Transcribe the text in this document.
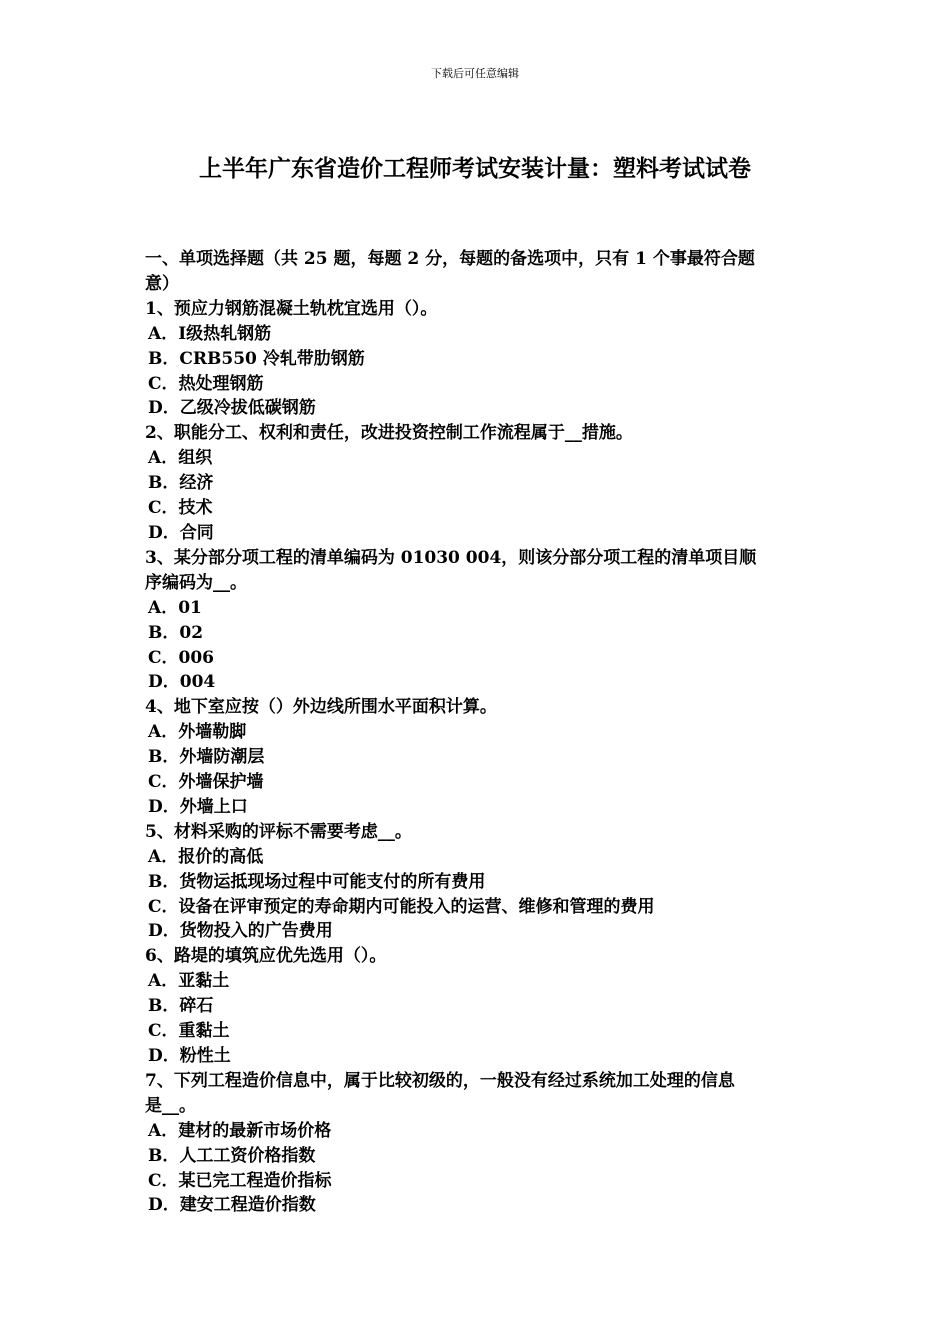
下载后可任意编辑
上半年广东省造价工程师考试安装计量：塑料考试试卷
一、单项选择题（共 25 题，每题 2 分，每题的备选项中，只有 1 个事最符合题
意）
1、预应力钢筋混凝土轨枕宜选用（）。
A．Ⅰ级热轧钢筋
B．CRB550 冷轧带肋钢筋
C．热处理钢筋
D．乙级冷拔低碳钢筋
2、职能分工、权利和责任，改进投资控制工作流程属于__措施。
A．组织
B．经济
C．技术
D．合同
3、某分部分项工程的清单编码为 01030 004，则该分部分项工程的清单项目顺
序编码为__。
A．01
B．02
C．006
D．004
4、地下室应按（）外边线所围水平面积计算。
A．外墙勒脚
B．外墙防潮层
C．外墙保护墙
D．外墙上口
5、材料采购的评标不需要考虑__。
A．报价的高低
B．货物运抵现场过程中可能支付的所有费用
C．设备在评审预定的寿命期内可能投入的运营、维修和管理的费用
D．货物投入的广告费用
6、路堤的填筑应优先选用（）。
A．亚黏土
B．碎石
C．重黏土
D．粉性土
7、下列工程造价信息中，属于比较初级的，一般没有经过系统加工处理的信息
是__。
A．建材的最新市场价格
B．人工工资价格指数
C．某已完工程造价指标
D．建安工程造价指数
